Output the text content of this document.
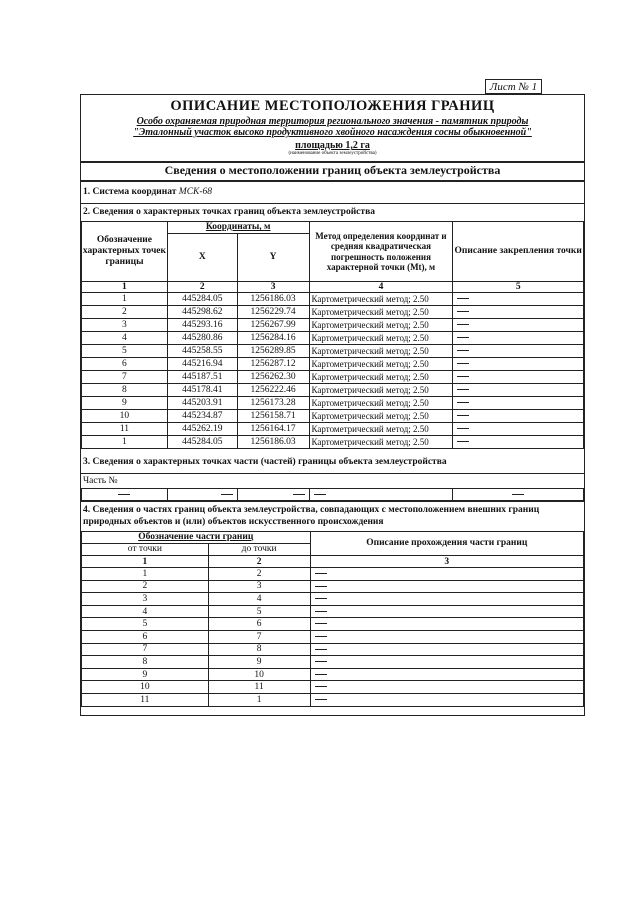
Лист № 1
ОПИСАНИЕ МЕСТОПОЛОЖЕНИЯ ГРАНИЦ
Особо охраняемая природная территория регионального значения - памятник природы
"Эталонный участок высоко продуктивного хвойного насаждения сосны обыкновенной"
площадью 1,2 га
(наименование объекта землеустройства)
Сведения о местоположении границ объекта землеустройства
1. Система координат МСК-68
2. Сведения о характерных точках границ объекта землеустройства
Обозначение характерных точек границы	Координаты, м		Метод определения координат и средняя квадратическая погрешность положения характерной точки (Mt), м	Описание закрепления точки
	X	Y		
1	2	3	4	5
1	445284.05	1256186.03	Картометрический метод; 2.50	
2	445298.62	1256229.74	Картометрический метод; 2.50	
3	445293.16	1256267.99	Картометрический метод; 2.50	
4	445280.86	1256284.16	Картометрический метод; 2.50	
5	445258.55	1256289.85	Картометрический метод; 2.50	
6	445216.94	1256287.12	Картометрический метод; 2.50	
7	445187.51	1256262.30	Картометрический метод; 2.50	
8	445178.41	1256222.46	Картометрический метод; 2.50	
9	445203.91	1256173.28	Картометрический метод; 2.50	
10	445234.87	1256158.71	Картометрический метод; 2.50	
11	445262.19	1256164.17	Картометрический метод; 2.50	
1	445284.05	1256186.03	Картометрический метод; 2.50	
3. Сведения о характерных точках части (частей) границы объекта землеустройства
Часть №

4. Сведения о частях границ объекта землеустройства, совпадающих с местоположением внешних границ природных объектов и (или) объектов искусственного происхождения
Обозначение части границ		Описание прохождения части границ
от точки	до точки	
1	2	3
1	2	
2	3	
3	4	
4	5	
5	6	
6	7	
7	8	
8	9	
9	10	
10	11	
11	1	
